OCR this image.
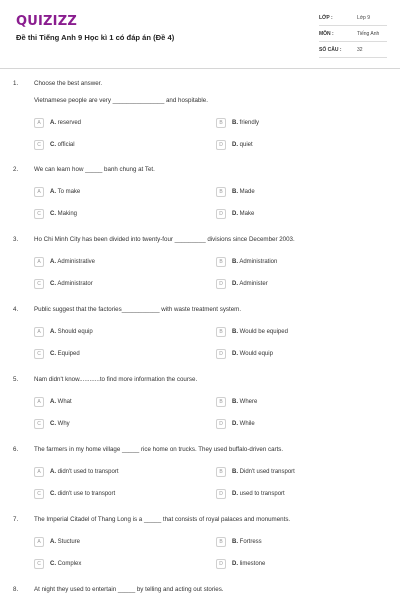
QUIZIZZ
Đề thi Tiếng Anh 9 Học kì 1 có đáp án (Đề 4)
LỚP :	Lớp 9
MÔN :	Tiếng Anh
SỐ CÂU :	32
1.	Choose the best answer.
Vietnamese people are very _______________ and hospitable.
A	A. reserved	B	B. friendly
C	C. official	D	D. quiet
2.	We can learn how _____ banh chung at Tet.
A	A. To make	B	B. Made
C	C. Making	D	D. Make
3.	Ho Chi Minh City has been divided into twenty-four _________ divisions since December 2003.
A	A. Administrative	B	B. Administration
C	C. Administrator	D	D. Administer
4.	Public suggest that the factories___________ with waste treatment system.
A	A. Should equip	B	B. Would be equiped
C	C. Equiped	D	D. Would equip
5.	Nam didn't know............to find more information the course.
A	A. What	B	B. Where
C	C. Why	D	D. While
6.	The farmers in my home village _____ rice home on trucks. They used buffalo-driven carts.
A	A. didn't used to transport	B	B. Didn't used transport
C	C. didn't use to transport	D	D. used to transport
7.	The Imperial Citadel of Thang Long is a _____ that consists of royal palaces and monuments.
A	A. Stucture	B	B. Fortress
C	C. Complex	D	D. limestone
8.	At night they used to entertain _____ by telling and acting out stories.
